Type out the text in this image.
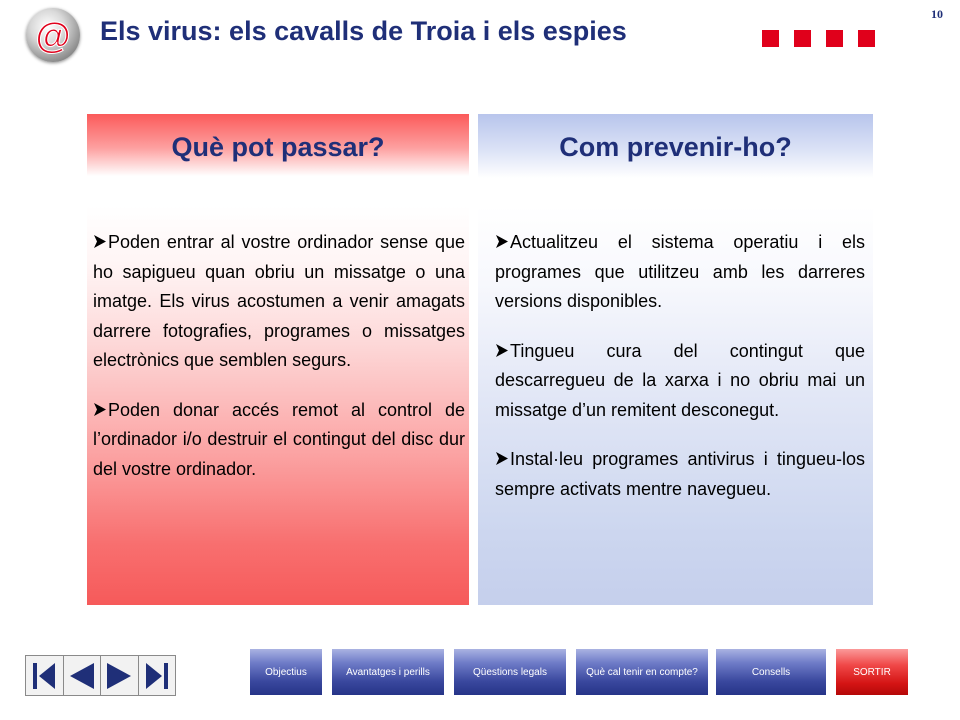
@ Els virus: els cavalls de Troia i els espies
10
Què pot passar?
Poden entrar al vostre ordinador sense que ho sapigueu quan obriu un missatge o una imatge. Els virus acostumen a venir amagats darrere fotografies, programes o missatges electrònics que semblen segurs.
Poden donar accés remot al control de l’ordinador i/o destruir el contingut del disc dur del vostre ordinador.
Com prevenir-ho?
Actualitzeu el sistema operatiu i els programes que utilitzeu amb les darreres versions disponibles.
Tingueu cura del contingut que descarregueu de la xarxa i no obriu mai un missatge d’un remitent desconegut.
Instal·leu programes antivirus i tingueu-los sempre activats mentre navegueu.
Objectius	Avantatges i perills	Qüestions legals	Què cal tenir en compte?	Consells	SORTIR
